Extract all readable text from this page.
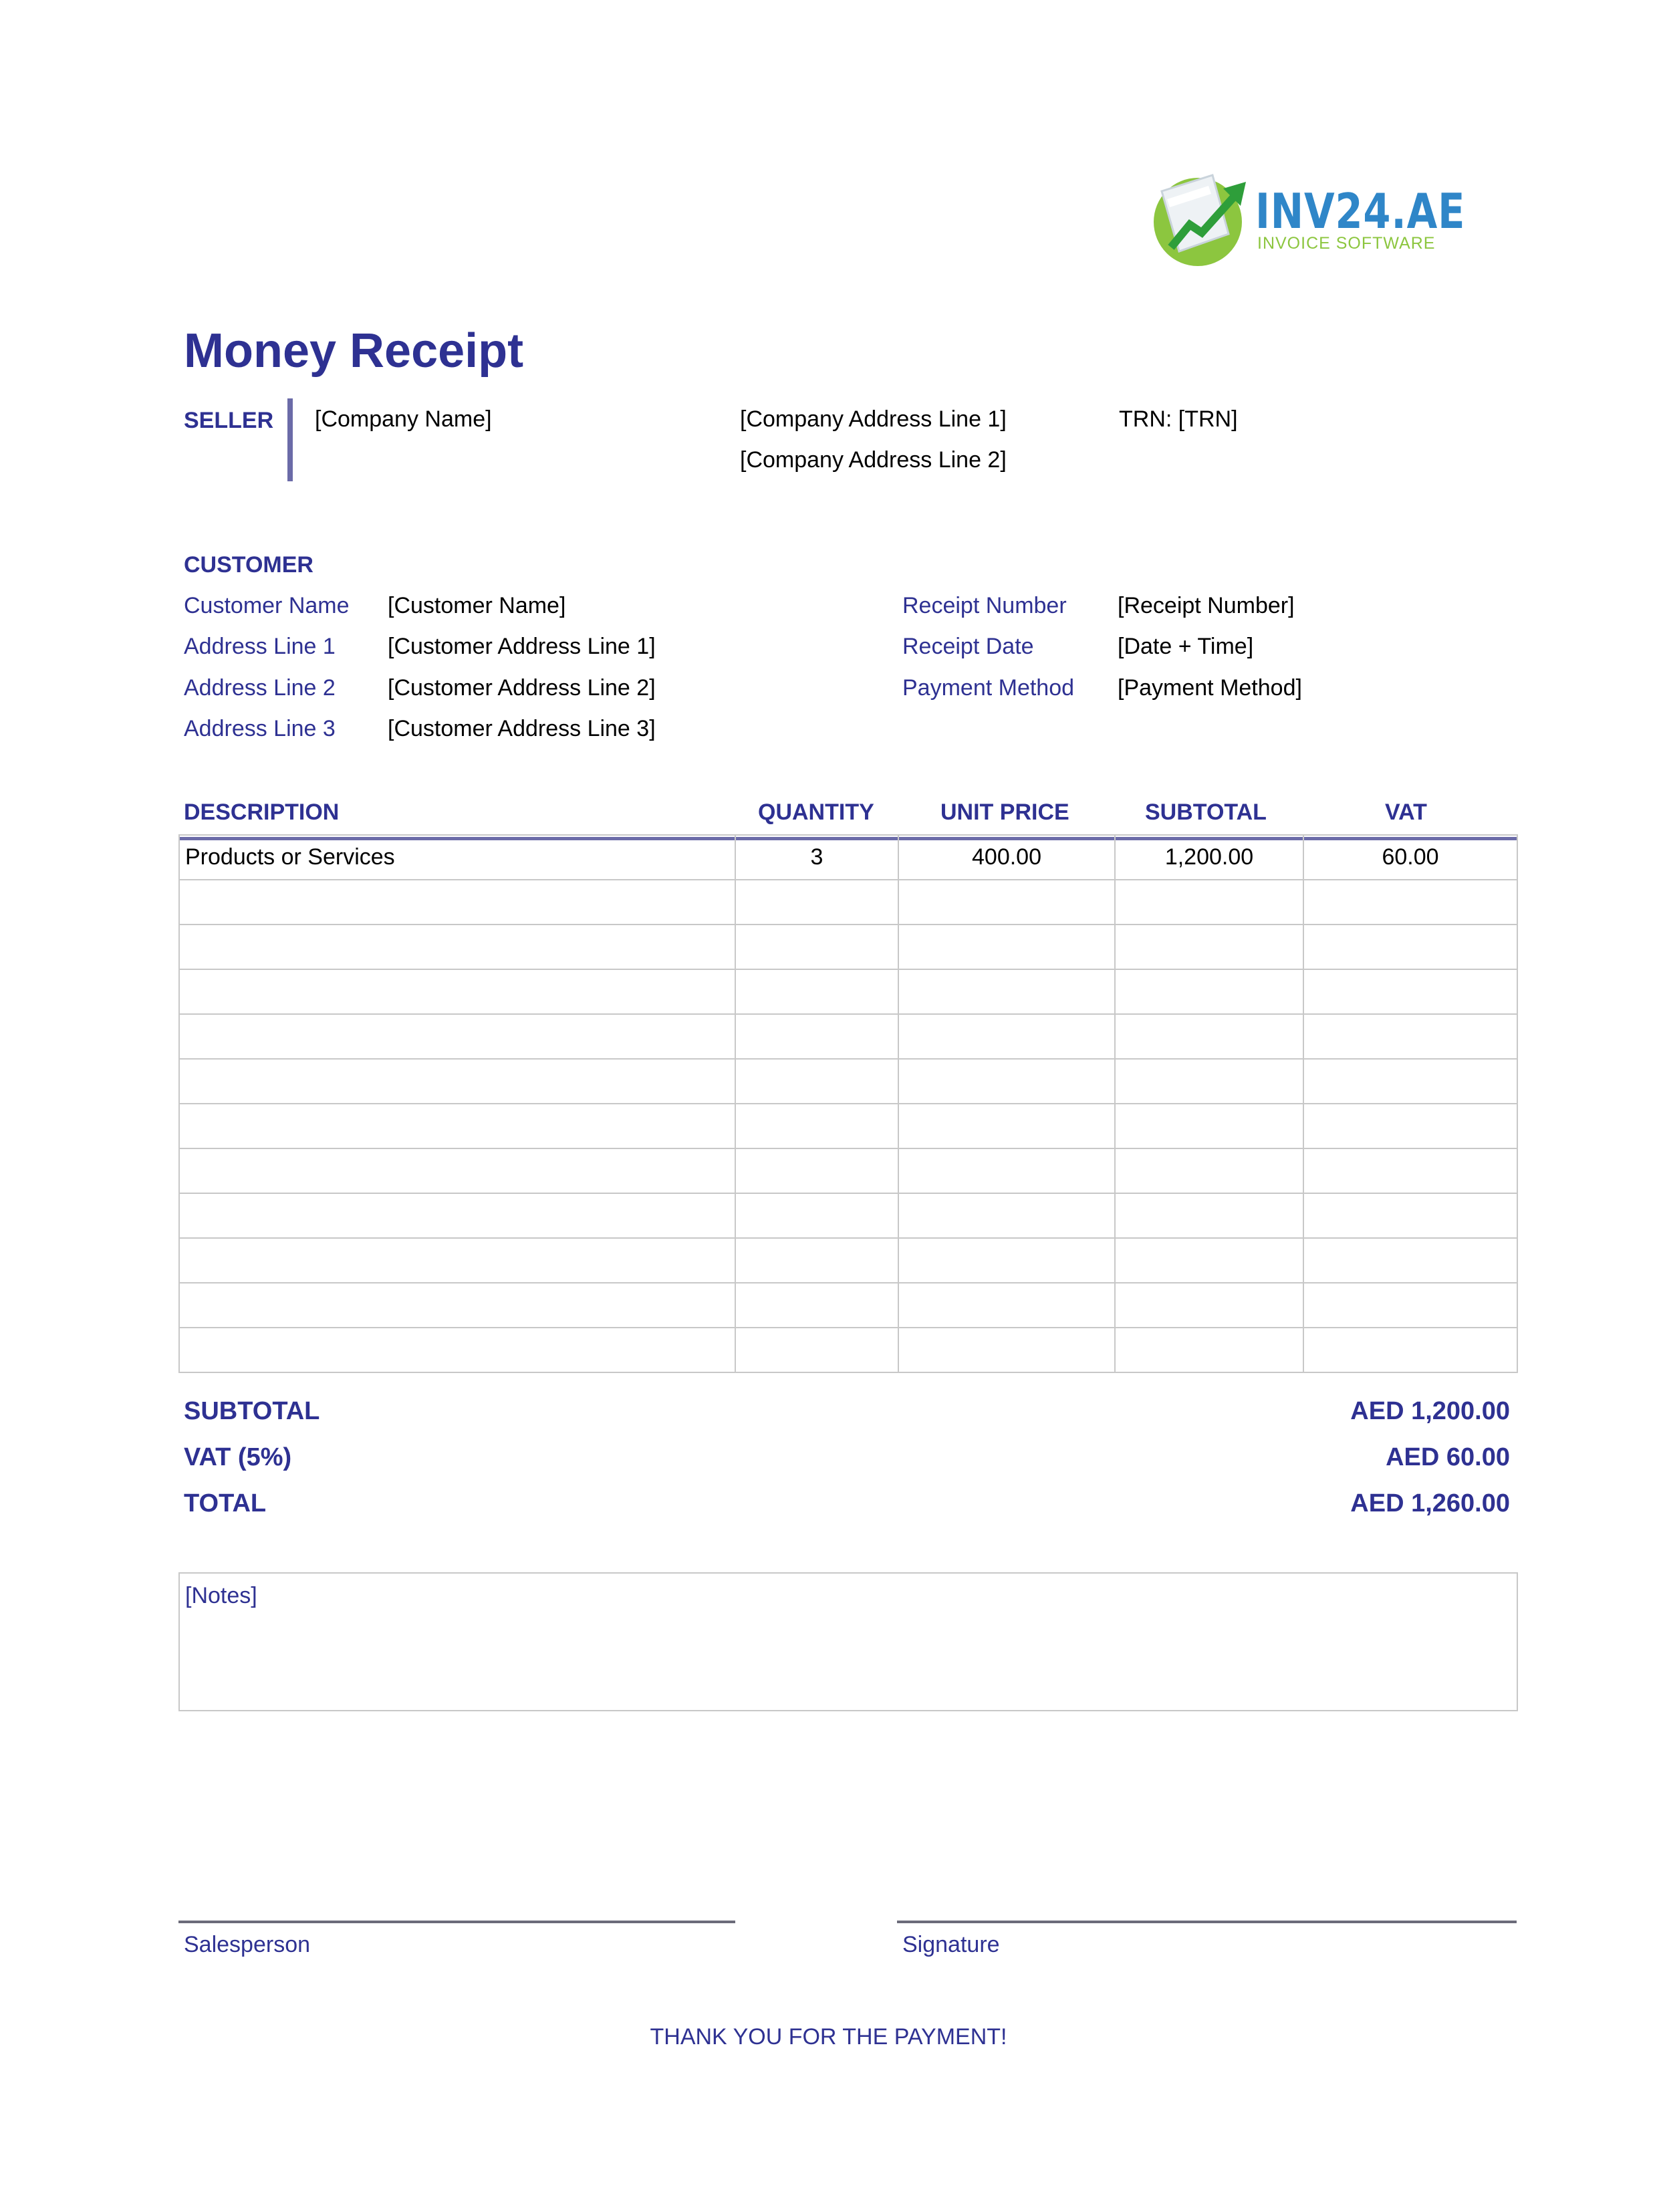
INV24.AE
INVOICE SOFTWARE
Money Receipt
SELLER [Company Name]	[Company Address Line 1]
[Company Address Line 2]
TRN: [TRN]
CUSTOMER
Customer Name [Customer Name]
Address Line 1 [Customer Address Line 1]
Address Line 2 [Customer Address Line 2]
Address Line 3 [Customer Address Line 3]
Receipt Number [Receipt Number]
Receipt Date	[Date + Time]
Payment Method [Payment Method]
DESCRIPTION	QUANTITY	UNIT PRICE	SUBTOTAL	VAT
Products or Services	3	400.00	1,200.00	60.00

SUBTOTAL	AED 1,200.00
VAT (5%)	AED 60.00
TOTAL	AED 1,260.00
[Notes]
Salesperson	Signature
THANK YOU FOR THE PAYMENT!
